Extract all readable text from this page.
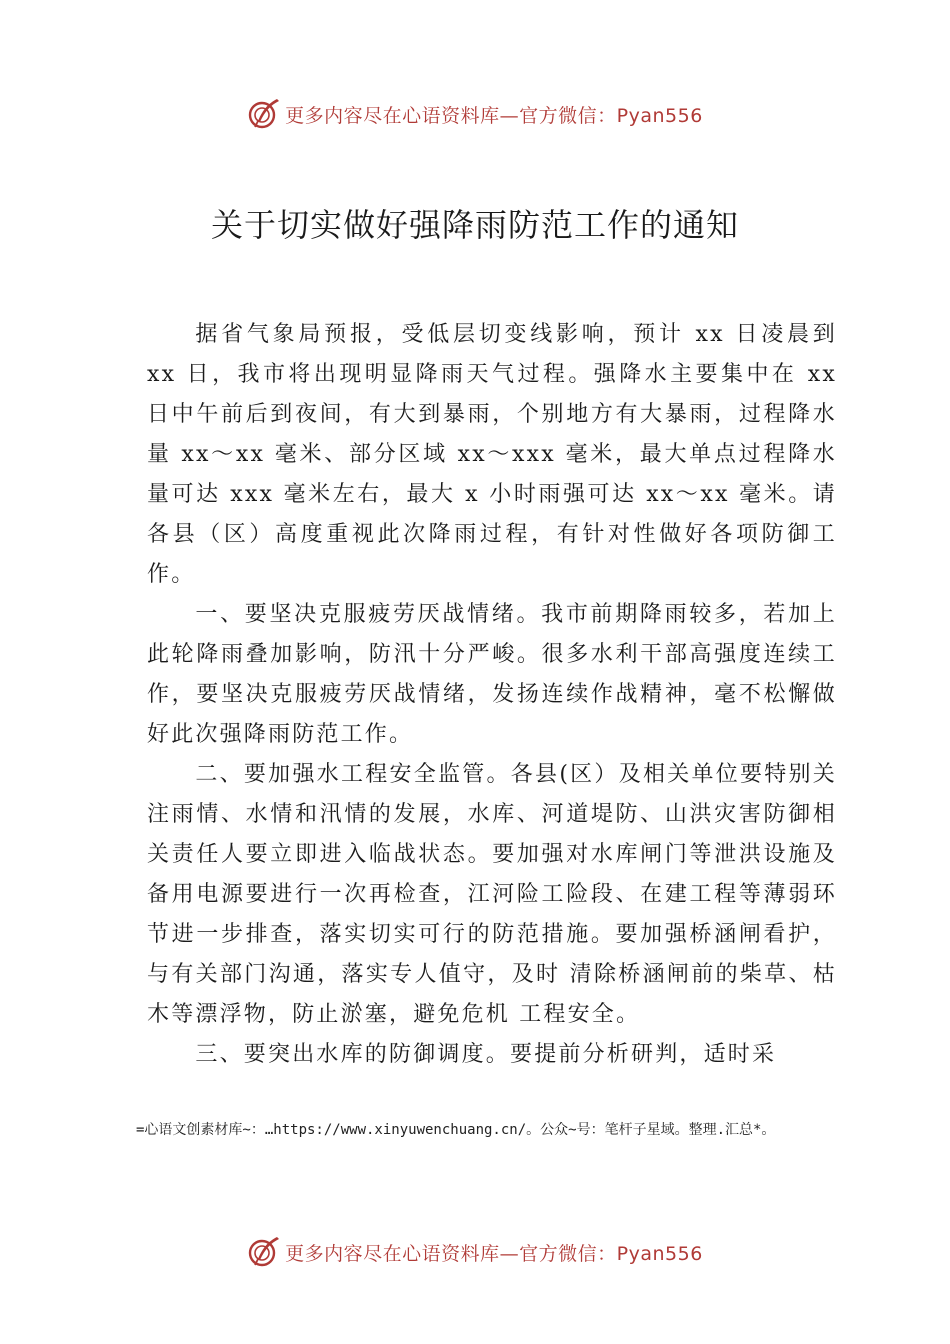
更多内容尽在心语资料库—官方微信：Pyan556
关于切实做好强降雨防范工作的通知

据省气象局预报，受低层切变线影响，预计 xx 日凌晨到 xx 日，我市将出现明显降雨天气过程。强降水主要集中在 xx 日中午前后到夜间，有大到暴雨，个别地方有大暴雨，过程降水量 xx～xx 毫米、部分区域 xx～xxx 毫米，最大单点过程降水量可达 xxx 毫米左右，最大 x 小时雨强可达 xx～xx 毫米。请各县（区）高度重视此次降雨过程，有针对性做好各项防御工作。

一、要坚决克服疲劳厌战情绪。我市前期降雨较多，若加上此轮降雨叠加影响，防汛十分严峻。很多水利干部高强度连续工作，要坚决克服疲劳厌战情绪，发扬连续作战精神，毫不松懈做好此次强降雨防范工作。

二、要加强水工程安全监管。各县(区）及相关单位要特别关注雨情、水情和汛情的发展，水库、河道堤防、山洪灾害防御相关责任人要立即进入临战状态。要加强对水库闸门等泄洪设施及备用电源要进行一次再检查，江河险工险段、在建工程等薄弱环节进一步排查，落实切实可行的防范措施。要加强桥涵闸看护，与有关部门沟通，落实专人值守，及时 清除桥涵闸前的柴草、枯木等漂浮物，防止淤塞，避免危机 工程安全。

三、要突出水库的防御调度。要提前分析研判，适时采

=心语文创素材库~：…https://www.xinyuwenchuang.cn/。公众~号：笔杆子星域。整理.汇总*。
更多内容尽在心语资料库—官方微信：Pyan556
